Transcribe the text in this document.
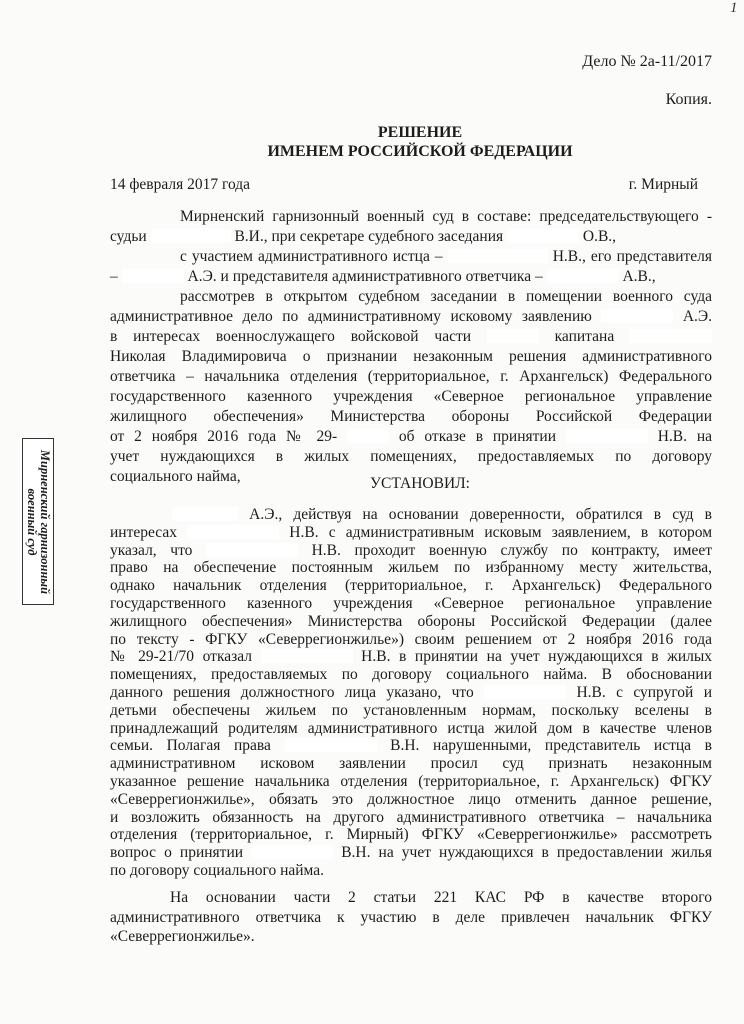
1
Дело № 2а-11/2017
Копия.
РЕШЕНИЕ
ИМЕНЕМ РОССИЙСКОЙ ФЕДЕРАЦИИ
14 февраля 2017 года	г. Мирный
УСТАНОВИЛ:
Мирненский гарнизонный
военный суд
Мирненский гарнизонный военный суд в составе: председательствующего -
судьи	В.И., при секретаре судебного заседания	О.В.,
с участием административного истца –	Н.В., его представителя
–	А.Э. и представителя административного ответчика –	А.В.,
рассмотрев в открытом судебном заседании в помещении военного суда
административное дело по административному исковому заявлению	А.Э.
в интересах военнослужащего войсковой части	капитана
Николая Владимировича о признании незаконным решения административного
ответчика – начальника отделения (территориальное, г. Архангельск) Федерального
государственного казенного учреждения «Северное региональное управление
жилищного обеспечения» Министерства обороны Российской Федерации
от 2 ноября 2016 года № 29-	об отказе в принятии	Н.В. на
учет нуждающихся в жилых помещениях, предоставляемых по договору
социального найма,
А.Э., действуя на основании доверенности, обратился в суд в
интересах	Н.В. с административным исковым заявлением, в котором
указал, что	Н.В. проходит военную службу по контракту, имеет
право на обеспечение постоянным жильем по избранному месту жительства,
однако начальник отделения (территориальное, г. Архангельск) Федерального
государственного казенного учреждения «Северное региональное управление
жилищного обеспечения» Министерства обороны Российской Федерации (далее
по тексту - ФГКУ «Северрегионжилье») своим решением от 2 ноября 2016 года
№ 29-21/70 отказал	Н.В. в принятии на учет нуждающихся в жилых
помещениях, предоставляемых по договору социального найма. В обосновании
данного решения должностного лица указано, что	Н.В. с супругой и
детьми обеспечены жильем по установленным нормам, поскольку вселены в
принадлежащий родителям административного истца жилой дом в качестве членов
семьи. Полагая права	В.Н. нарушенными, представитель истца в
административном исковом заявлении просил суд признать незаконным
указанное решение начальника отделения (территориальное, г. Архангельск) ФГКУ
«Северрегионжилье», обязать это должностное лицо отменить данное решение,
и возложить обязанность на другого административного ответчика – начальника
отделения (территориальное, г. Мирный) ФГКУ «Северрегионжилье» рассмотреть
вопрос о принятии	В.Н. на учет нуждающихся в предоставлении жилья
по договору социального найма.
На основании части 2 статьи 221 КАС РФ в качестве второго
административного ответчика к участию в деле привлечен начальник ФГКУ
«Северрегионжилье».
